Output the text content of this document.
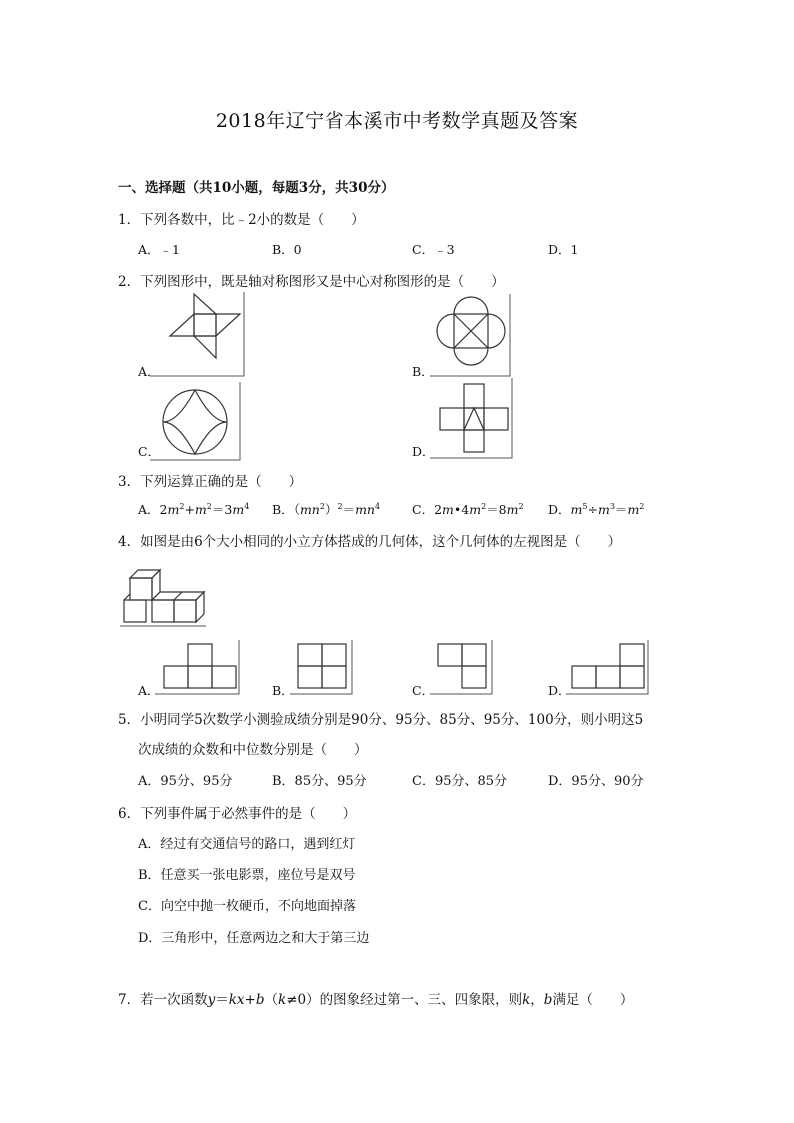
2018年辽宁省本溪市中考数学真题及答案
一、选择题（共10小题，每题3分，共30分）
1．下列各数中，比﹣2小的数是（　　）
A．﹣1	B．0	C．﹣3	D．1
2．下列图形中，既是轴对称图形又是中心对称图形的是（　　）
A．	B．
C．	D．
3．下列运算正确的是（　　）
A．$2m^2+m^2=3m^4$ B．$(mn^2)^2=mn^4$	C．$2m•4m^2=8m^2$ D．$m^5\div m^3=m^2$
4．如图是由6个大小相同的小立方体搭成的几何体，这个几何体的左视图是（　　）
A．	B．	C．	D．
5．小明同学5次数学小测验成绩分别是90分、95分、85分、95分、100分，则小明这5
次成绩的众数和中位数分别是（　　）
A．95分、95分	B．85分、95分	C．95分、85分	D．95分、90分
6．下列事件属于必然事件的是（　　）
A．经过有交通信号的路口，遇到红灯
B．任意买一张电影票，座位号是双号
C．向空中抛一枚硬币，不向地面掉落
D．三角形中，任意两边之和大于第三边
7．若一次函数y＝kx+b（k≠0）的图象经过第一、三、四象限，则k，b满足（　　）
